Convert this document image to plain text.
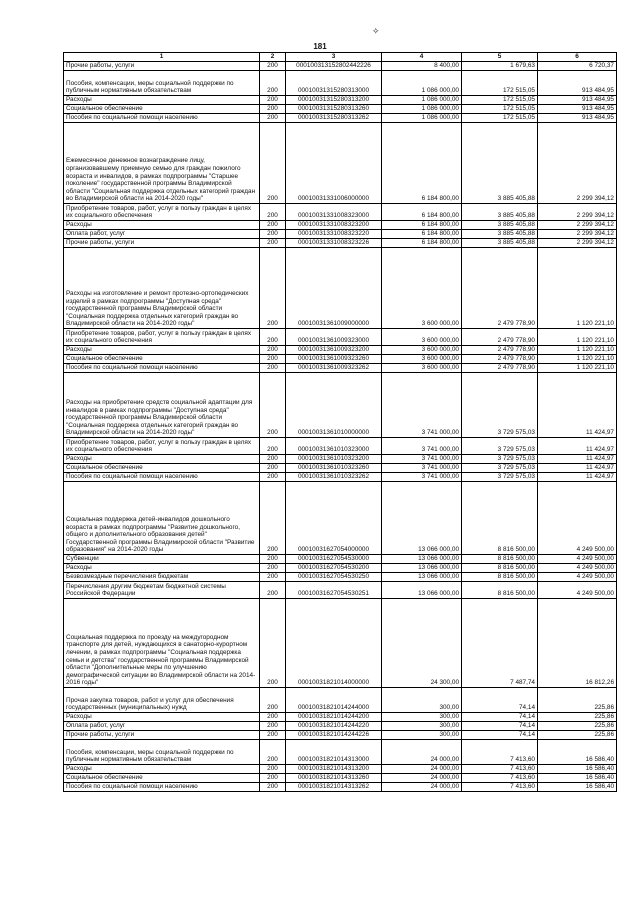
✧
181
1	2	3	4	5	6
Прочие работы, услуги	200	000100313152802442226	8 400,00	1 679,63	6 720,37
Пособия, компенсации, меры социальной поддержки по публичным нормативным обязательствам	200	00010031315280313000	1 086 000,00	172 515,05	913 484,95
Расходы	200	00010031315280313200	1 086 000,00	172 515,05	913 484,95
Социальное обеспечение	200	00010031315280313260	1 086 000,00	172 515,05	913 484,95
Пособия по социальной помощи населению	200	00010031315280313262	1 086 000,00	172 515,05	913 484,95
Ежемесячное денежное вознаграждение лицу, организовавшему приемную семью для граждан пожилого возраста и инвалидов, в рамках подпрограммы "Старшее поколение" государственной программы Владимирской области "Социальная поддержка отдельных категорий граждан во Владимирской области на 2014-2020 годы"	200	00010031331006000000	6 184 800,00	3 885 405,88	2 299 394,12
Приобретение товаров, работ, услуг в пользу граждан в целях их социального обеспечения	200	00010031331008323000	6 184 800,00	3 885 405,88	2 299 394,12
Расходы	200	00010031331008323200	6 184 800,00	3 885 405,88	2 299 394,12
Оплата работ, услуг	200	00010031331008323220	6 184 800,00	3 885 405,88	2 299 394,12
Прочие работы, услуги	200	00010031331008323226	6 184 800,00	3 885 405,88	2 299 394,12
Расходы на изготовление и ремонт протезно-ортопедических изделий в рамках подпрограммы "Доступная среда" государственной программы Владимирской области "Социальная поддержка отдельных категорий граждан во Владимирской области на 2014-2020 годы"	200	00010031361009000000	3 600 000,00	2 479 778,90	1 120 221,10
Приобретение товаров, работ, услуг в пользу граждан в целях их социального обеспечения	200	00010031361009323000	3 600 000,00	2 479 778,90	1 120 221,10
Расходы	200	00010031361009323200	3 600 000,00	2 479 778,90	1 120 221,10
Социальное обеспечение	200	00010031361009323260	3 600 000,00	2 479 778,90	1 120 221,10
Пособия по социальной помощи населению	200	00010031361009323262	3 600 000,00	2 479 778,90	1 120 221,10
Расходы на приобретение средств социальной адаптации для инвалидов в рамках подпрограммы "Доступная среда" государственной программы Владимирской области "Социальная поддержка отдельных категорий граждан во Владимирской области на 2014-2020 годы"	200	00010031361010000000	3 741 000,00	3 729 575,03	11 424,97
Приобретение товаров, работ, услуг в пользу граждан в целях их социального обеспечения	200	00010031361010323000	3 741 000,00	3 729 575,03	11 424,97
Расходы	200	00010031361010323200	3 741 000,00	3 729 575,03	11 424,97
Социальное обеспечение	200	00010031361010323260	3 741 000,00	3 729 575,03	11 424,97
Пособия по социальной помощи населению	200	00010031361010323262	3 741 000,00	3 729 575,03	11 424,97
Социальная поддержка детей-инвалидов дошкольного возраста в рамках подпрограммы "Развитие дошкольного, общего и дополнительного образования детей" Государственной программы Владимирской области "Развитие образования" на 2014-2020 годы	200	00010031627054000000	13 066 000,00	8 816 500,00	4 249 500,00
Субвенции	200	00010031627054530000	13 066 000,00	8 816 500,00	4 249 500,00
Расходы	200	00010031627054530200	13 066 000,00	8 816 500,00	4 249 500,00
Безвозмездные перечисления бюджетам	200	00010031627054530250	13 066 000,00	8 816 500,00	4 249 500,00
Перечисления другим бюджетам бюджетной системы Российской Федерации	200	00010031627054530251	13 066 000,00	8 816 500,00	4 249 500,00
Социальная поддержка по проезду на междугородном транспорте для детей, нуждающихся в санаторно-курортном лечении, в рамках подпрограммы "Социальная поддержка семьи и детства" государственной программы Владимирской области "Дополнительные меры по улучшению демографической ситуации во Владимирской области на 2014-2016 годы"	200	00010031821014000000	24 300,00	7 487,74	16 812,26
Прочая закупка товаров, работ и услуг для обеспечения государственных (муниципальных) нужд	200	00010031821014244000	300,00	74,14	225,86
Расходы	200	00010031821014244200	300,00	74,14	225,86
Оплата работ, услуг	200	00010031821014244220	300,00	74,14	225,86
Прочие работы, услуги	200	00010031821014244226	300,00	74,14	225,86
Пособия, компенсации, меры социальной поддержки по публичным нормативным обязательствам	200	00010031821014313000	24 000,00	7 413,60	16 586,40
Расходы	200	00010031821014313200	24 000,00	7 413,60	16 586,40
Социальное обеспечение	200	00010031821014313260	24 000,00	7 413,60	16 586,40
Пособия по социальной помощи населению	200	00010031821014313262	24 000,00	7 413,60	16 586,40
